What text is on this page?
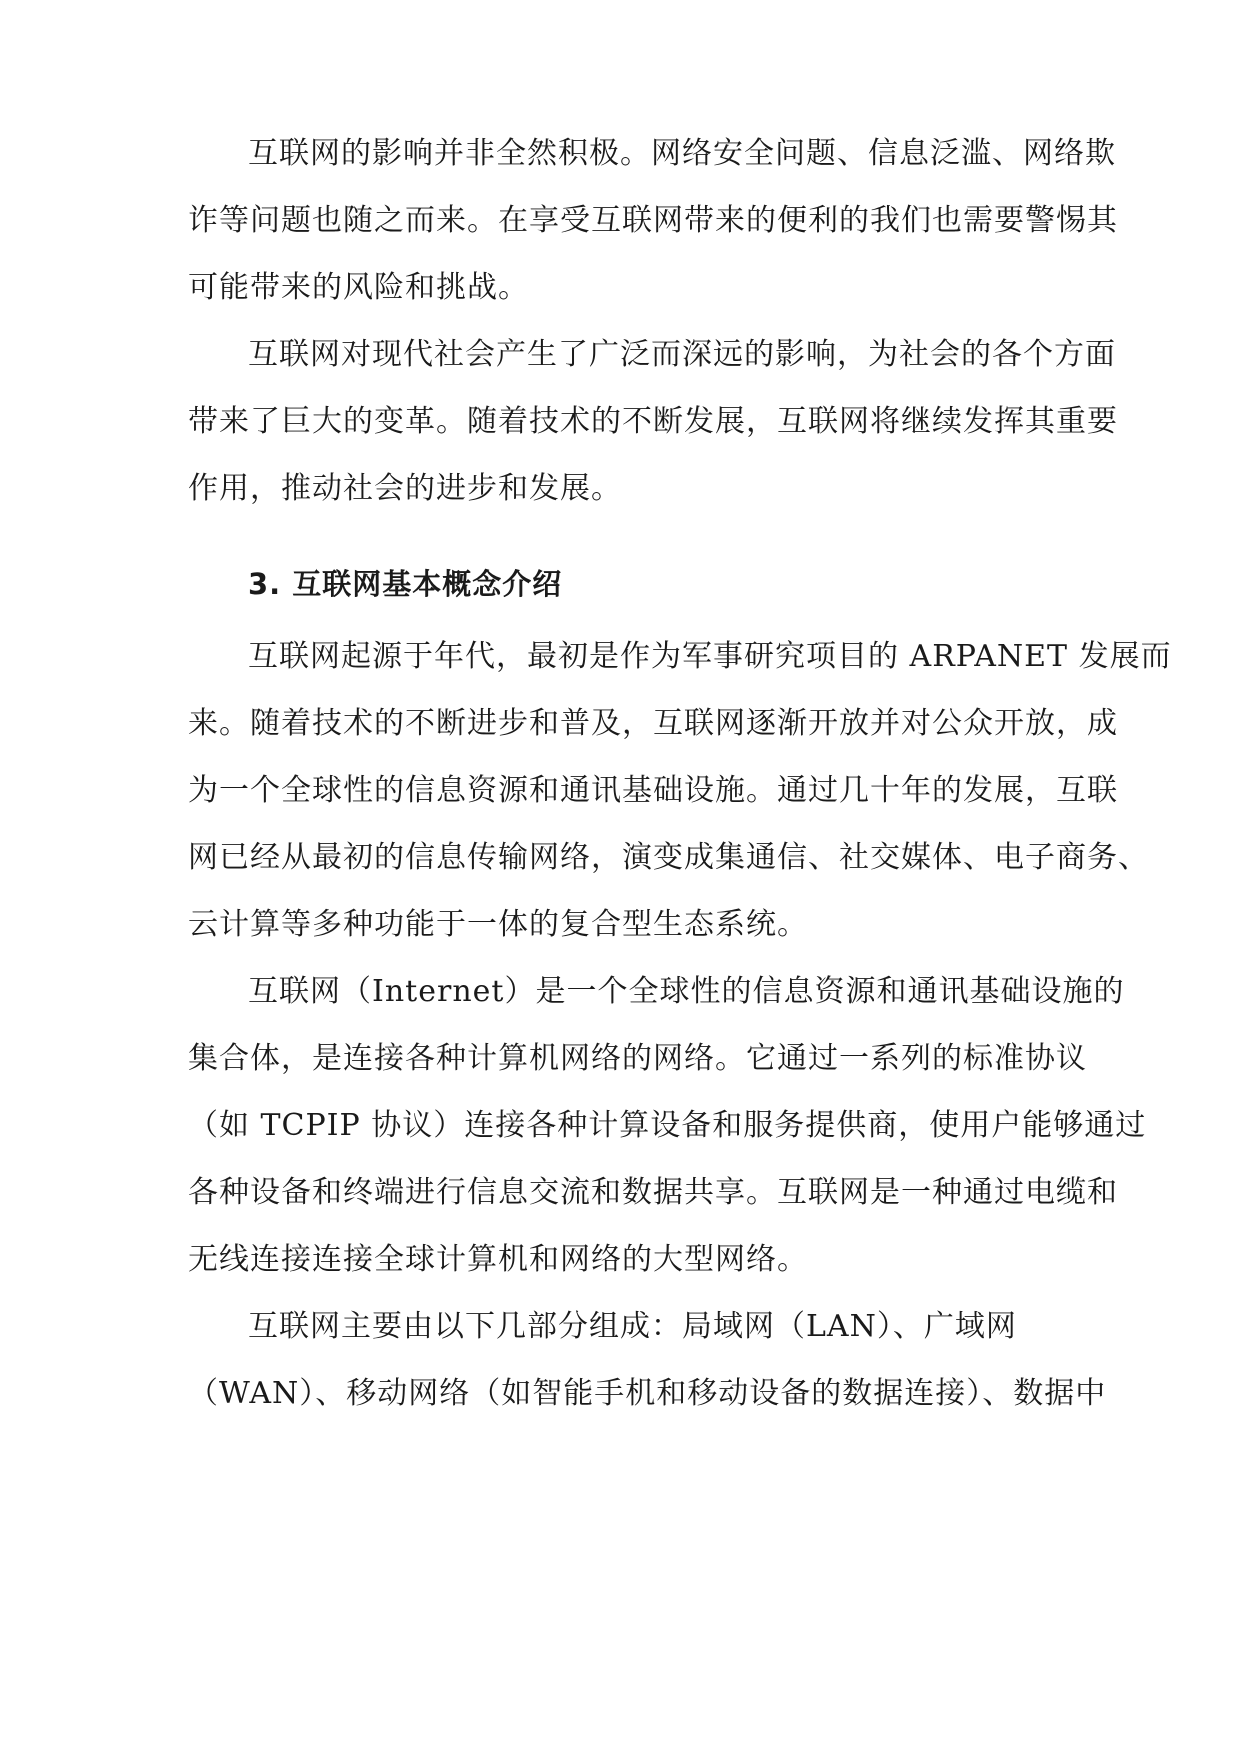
互联网的影响并非全然积极。网络安全问题、信息泛滥、网络欺
诈等问题也随之而来。在享受互联网带来的便利的我们也需要警惕其
可能带来的风险和挑战。
互联网对现代社会产生了广泛而深远的影响，为社会的各个方面
带来了巨大的变革。随着技术的不断发展，互联网将继续发挥其重要
作用，推动社会的进步和发展。
3. 互联网基本概念介绍
互联网起源于年代，最初是作为军事研究项目的 ARPANET 发展而
来。随着技术的不断进步和普及，互联网逐渐开放并对公众开放，成
为一个全球性的信息资源和通讯基础设施。通过几十年的发展，互联
网已经从最初的信息传输网络，演变成集通信、社交媒体、电子商务、
云计算等多种功能于一体的复合型生态系统。
互联网（Internet）是一个全球性的信息资源和通讯基础设施的
集合体，是连接各种计算机网络的网络。它通过一系列的标准协议
（如 TCPIP 协议）连接各种计算设备和服务提供商，使用户能够通过
各种设备和终端进行信息交流和数据共享。互联网是一种通过电缆和
无线连接连接全球计算机和网络的大型网络。
互联网主要由以下几部分组成：局域网（LAN）、广域网
（WAN）、移动网络（如智能手机和移动设备的数据连接）、数据中
